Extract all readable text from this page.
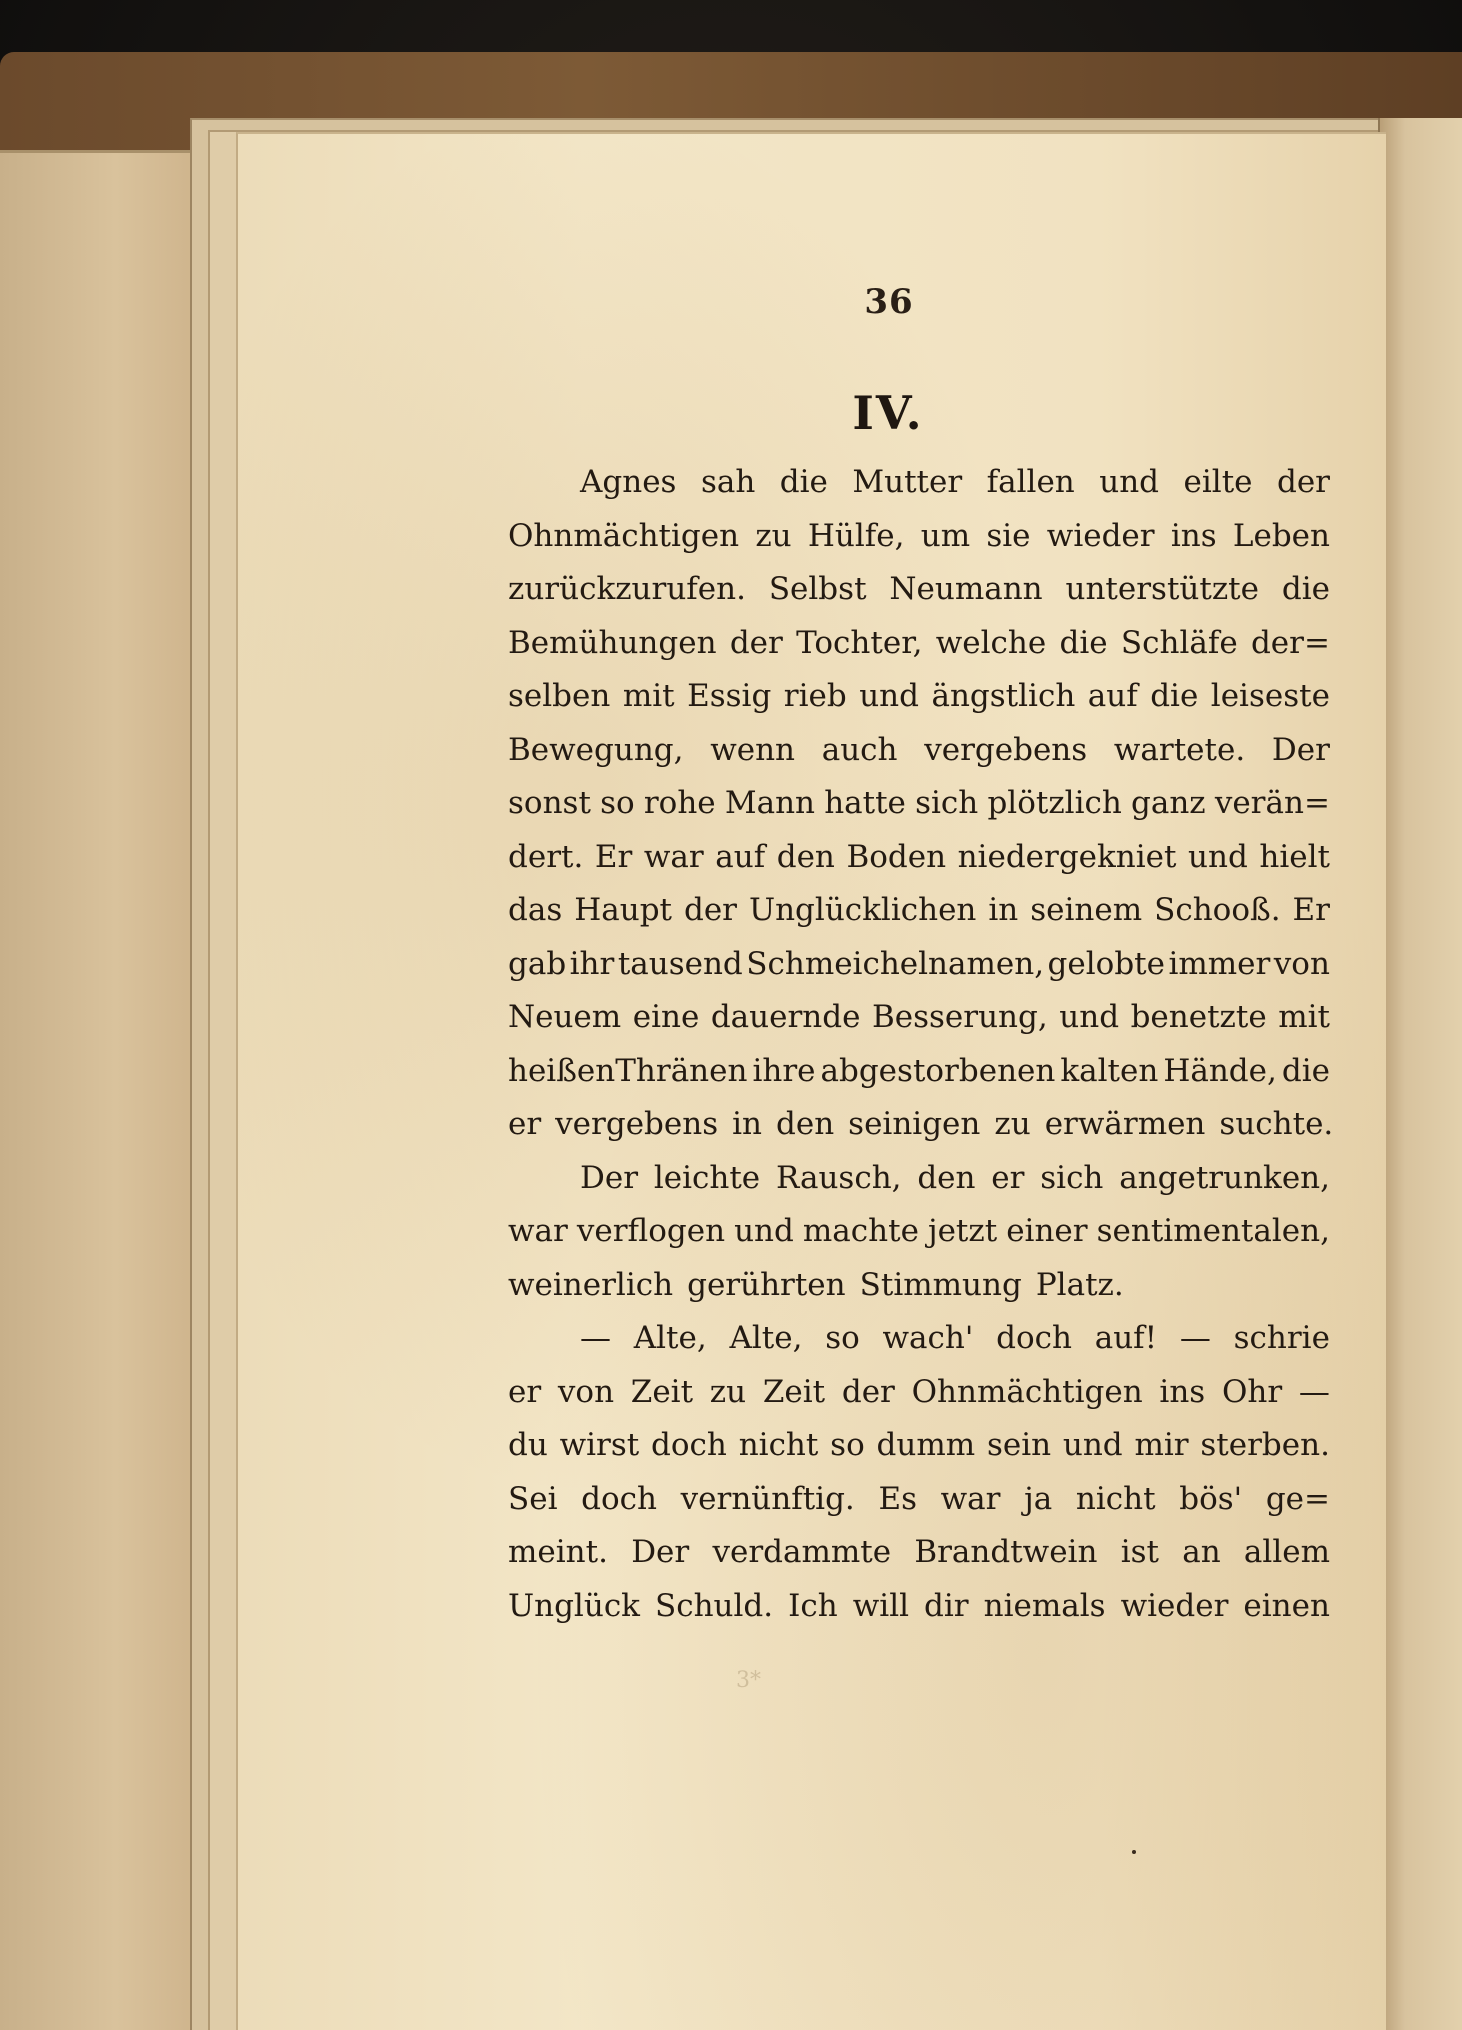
36
IV.
Agnes sah die Mutter fallen und eilte der
Ohnmächtigen zu Hülfe, um sie wieder ins Leben
zurückzurufen. Selbst Neumann unterstützte die
Bemühungen der Tochter, welche die Schläfe der=
selben mit Essig rieb und ängstlich auf die leiseste
Bewegung, wenn auch vergebens wartete. Der
sonst so rohe Mann hatte sich plötzlich ganz verän=
dert. Er war auf den Boden niedergekniet und hielt
das Haupt der Unglücklichen in seinem Schooß. Er
gab ihr tausend Schmeichelnamen, gelobte immer von
Neuem eine dauernde Besserung, und benetzte mit
heißenThränen ihre abgestorbenen kalten Hände, die
er vergebens in den seinigen zu erwärmen suchte.
Der leichte Rausch, den er sich angetrunken,
war verflogen und machte jetzt einer sentimentalen,
weinerlich gerührten Stimmung Platz.
— Alte, Alte, so wach' doch auf! — schrie
er von Zeit zu Zeit der Ohnmächtigen ins Ohr —
du wirst doch nicht so dumm sein und mir sterben.
Sei doch vernünftig. Es war ja nicht bös' ge=
meint. Der verdammte Brandtwein ist an allem
Unglück Schuld. Ich will dir niemals wieder einen
3*
